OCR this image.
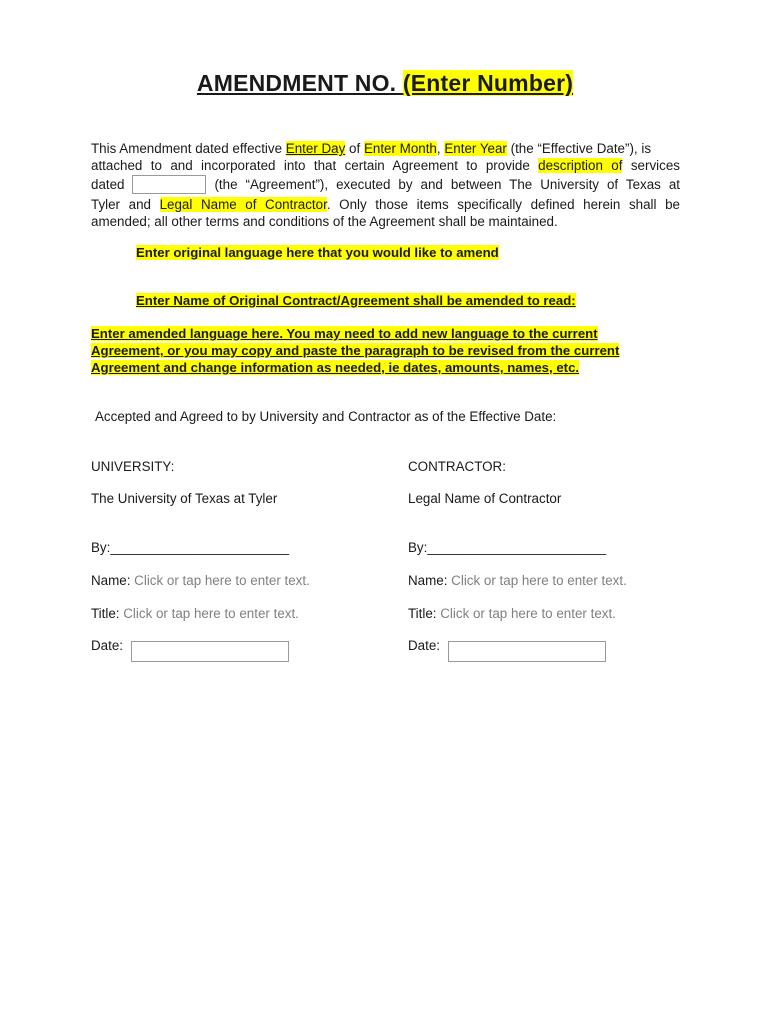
AMENDMENT NO. (Enter Number)
This Amendment dated effective Enter Day of Enter Month, Enter Year (the “Effective Date”), is
attached to and incorporated into that certain Agreement to provide description of services
dated	(the “Agreement”), executed by and between The University of Texas at
Tyler and Legal Name of Contractor. Only those items specifically defined herein shall be
amended; all other terms and conditions of the Agreement shall be maintained.
Enter original language here that you would like to amend
Enter Name of Original Contract/Agreement shall be amended to read:
Enter amended language here. You may need to add new language to the current
Agreement, or you may copy and paste the paragraph to be revised from the current
Agreement and change information as needed, ie dates, amounts, names, etc.
Accepted and Agreed to by University and Contractor as of the Effective Date:
UNIVERSITY:
The University of Texas at Tyler
By:________________________
Name: Click or tap here to enter text.
Title: Click or tap here to enter text.
Date:
CONTRACTOR:
Legal Name of Contractor
By:________________________
Name: Click or tap here to enter text.
Title: Click or tap here to enter text.
Date:
